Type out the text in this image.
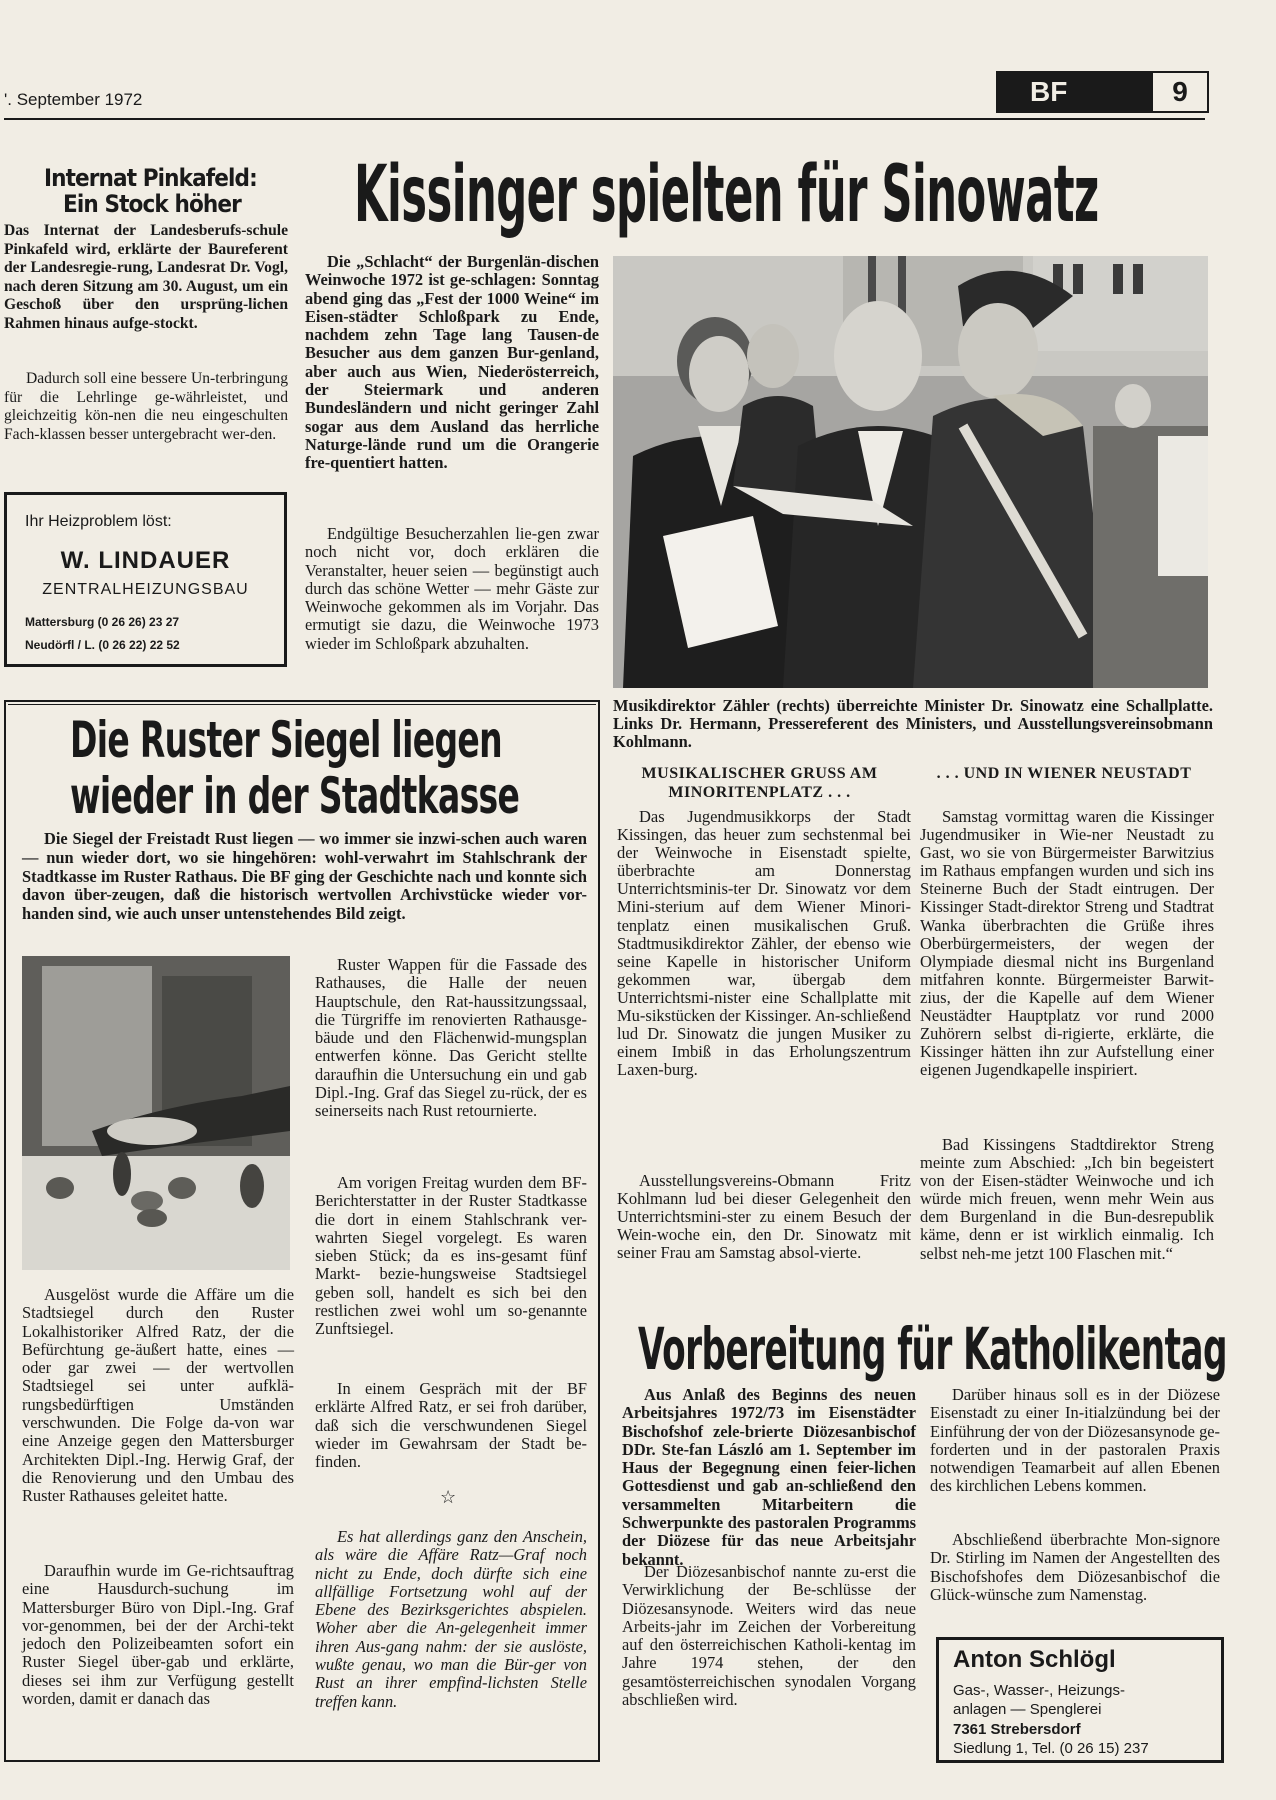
'. September 1972	BF	9
Internat Pinkafeld:
Ein Stock höher
Das Internat der Landesberufs-schule Pinkafeld wird, erklärte der Baureferent der Landesregie-rung, Landesrat Dr. Vogl, nach deren Sitzung am 30. August, um ein Geschoß über den ursprüng-lichen Rahmen hinaus aufge-stockt.
Dadurch soll eine bessere Un-terbringung für die Lehrlinge ge-währleistet, und gleichzeitig kön-nen die neu eingeschulten Fach-klassen besser untergebracht wer-den.
Ihr Heizproblem löst:
W. LINDAUER
ZENTRALHEIZUNGSBAU
Mattersburg (0 26 26) 23 27
Neudörfl / L. (0 26 22) 22 52
Kissinger spielten für Sinowatz
Die „Schlacht“ der Burgenlän-dischen Weinwoche 1972 ist ge-schlagen: Sonntag abend ging das „Fest der 1000 Weine“ im Eisen-städter Schloßpark zu Ende, nachdem zehn Tage lang Tausen-de Besucher aus dem ganzen Bur-genland, aber auch aus Wien, Niederösterreich, der Steiermark und anderen Bundesländern und nicht geringer Zahl sogar aus dem Ausland das herrliche Naturge-lände rund um die Orangerie fre-quentiert hatten.
Endgültige Besucherzahlen lie-gen zwar noch nicht vor, doch erklären die Veranstalter, heuer seien — begünstigt auch durch das schöne Wetter — mehr Gäste zur Weinwoche gekommen als im Vorjahr. Das ermutigt sie dazu, die Weinwoche 1973 wieder im Schloßpark abzuhalten.
Musikdirektor Zähler (rechts) überreichte Minister Dr. Sinowatz eine Schallplatte. Links Dr. Hermann, Pressereferent des Ministers, und Ausstellungsvereinsobmann Kohlmann.
MUSIKALISCHER GRUSS AM MINORITENPLATZ . . .
Das Jugendmusikkorps der Stadt Kissingen, das heuer zum sechstenmal bei der Weinwoche in Eisenstadt spielte, überbrachte am Donnerstag Unterrichtsminis-ter Dr. Sinowatz vor dem Mini-sterium auf dem Wiener Minori-tenplatz einen musikalischen Gruß. Stadtmusikdirektor Zähler, der ebenso wie seine Kapelle in historischer Uniform gekommen war, übergab dem Unterrichtsmi-nister eine Schallplatte mit Mu-sikstücken der Kissinger. An-schließend lud Dr. Sinowatz die jungen Musiker zu einem Imbiß in das Erholungszentrum Laxen-burg.
Ausstellungsvereins-Obmann Fritz Kohlmann lud bei dieser Gelegenheit den Unterrichtsmini-ster zu einem Besuch der Wein-woche ein, den Dr. Sinowatz mit seiner Frau am Samstag absol-vierte.
. . . UND IN WIENER NEUSTADT
Samstag vormittag waren die Kissinger Jugendmusiker in Wie-ner Neustadt zu Gast, wo sie von Bürgermeister Barwitzius im Rathaus empfangen wurden und sich ins Steinerne Buch der Stadt eintrugen. Der Kissinger Stadt-direktor Streng und Stadtrat Wanka überbrachten die Grüße ihres Oberbürgermeisters, der wegen der Olympiade diesmal nicht ins Burgenland mitfahren konnte. Bürgermeister Barwit-zius, der die Kapelle auf dem Wiener Neustädter Hauptplatz vor rund 2000 Zuhörern selbst di-rigierte, erklärte, die Kissinger hätten ihn zur Aufstellung einer eigenen Jugendkapelle inspiriert.
Bad Kissingens Stadtdirektor Streng meinte zum Abschied: „Ich bin begeistert von der Eisen-städter Weinwoche und ich würde mich freuen, wenn mehr Wein aus dem Burgenland in die Bun-desrepublik käme, denn er ist wirklich einmalig. Ich selbst neh-me jetzt 100 Flaschen mit.“
Die Ruster Siegel liegen
wieder in der Stadtkasse
Die Siegel der Freistadt Rust liegen — wo immer sie inzwi-schen auch waren — nun wieder dort, wo sie hingehören: wohl-verwahrt im Stahlschrank der Stadtkasse im Ruster Rathaus. Die BF ging der Geschichte nach und konnte sich davon über-zeugen, daß die historisch wertvollen Archivstücke wieder vor-handen sind, wie auch unser untenstehendes Bild zeigt.
Ausgelöst wurde die Affäre um die Stadtsiegel durch den Ruster Lokalhistoriker Alfred Ratz, der die Befürchtung ge-äußert hatte, eines — oder gar zwei — der wertvollen Stadtsiegel sei unter aufklä-rungsbedürftigen Umständen verschwunden. Die Folge da-von war eine Anzeige gegen den Mattersburger Architekten Dipl.-Ing. Herwig Graf, der die Renovierung und den Umbau des Ruster Rathauses geleitet hatte.
Daraufhin wurde im Ge-richtsauftrag eine Hausdurch-suchung im Mattersburger Büro von Dipl.-Ing. Graf vor-genommen, bei der der Archi-tekt jedoch den Polizeibeamten sofort ein Ruster Siegel über-gab und erklärte, dieses sei ihm zur Verfügung gestellt worden, damit er danach das
Ruster Wappen für die Fassade des Rathauses, die Halle der neuen Hauptschule, den Rat-haussitzungssaal, die Türgriffe im renovierten Rathausge-bäude und den Flächenwid-mungsplan entwerfen könne. Das Gericht stellte daraufhin die Untersuchung ein und gab Dipl.-Ing. Graf das Siegel zu-rück, der es seinerseits nach Rust retournierte.
Am vorigen Freitag wurden dem BF-Berichterstatter in der Ruster Stadtkasse die dort in einem Stahlschrank ver-wahrten Siegel vorgelegt. Es waren sieben Stück; da es ins-gesamt fünf Markt- bezie-hungsweise Stadtsiegel geben soll, handelt es sich bei den restlichen zwei wohl um so-genannte Zunftsiegel.
In einem Gespräch mit der BF erklärte Alfred Ratz, er sei froh darüber, daß sich die verschwundenen Siegel wieder im Gewahrsam der Stadt be-finden.
☆
Es hat allerdings ganz den Anschein, als wäre die Affäre Ratz—Graf noch nicht zu Ende, doch dürfte sich eine allfällige Fortsetzung wohl auf der Ebene des Bezirksgerichtes abspielen. Woher aber die An-gelegenheit immer ihren Aus-gang nahm: der sie auslöste, wußte genau, wo man die Bür-ger von Rust an ihrer empfind-lichsten Stelle treffen kann.
Vorbereitung für Katholikentag
Aus Anlaß des Beginns des neuen Arbeitsjahres 1972/73 im Eisenstädter Bischofshof zele-brierte Diözesanbischof DDr. Ste-fan László am 1. September im Haus der Begegnung einen feier-lichen Gottesdienst und gab an-schließend den versammelten Mitarbeitern die Schwerpunkte des pastoralen Programms der Diözese für das neue Arbeitsjahr bekannt.
Der Diözesanbischof nannte zu-erst die Verwirklichung der Be-schlüsse der Diözesansynode. Weiters wird das neue Arbeits-jahr im Zeichen der Vorbereitung auf den österreichischen Katholi-kentag im Jahre 1974 stehen, der den gesamtösterreichischen synodalen Vorgang abschließen wird.
Darüber hinaus soll es in der Diözese Eisenstadt zu einer In-itialzündung bei der Einführung der von der Diözesansynode ge-forderten und in der pastoralen Praxis notwendigen Teamarbeit auf allen Ebenen des kirchlichen Lebens kommen.
Abschließend überbrachte Mon-signore Dr. Stirling im Namen der Angestellten des Bischofshofes dem Diözesanbischof die Glück-wünsche zum Namenstag.
Anton Schlögl
Gas-, Wasser-, Heizungs-
anlagen — Spenglerei
7361 Strebersdorf
Siedlung 1, Tel. (0 26 15) 237
